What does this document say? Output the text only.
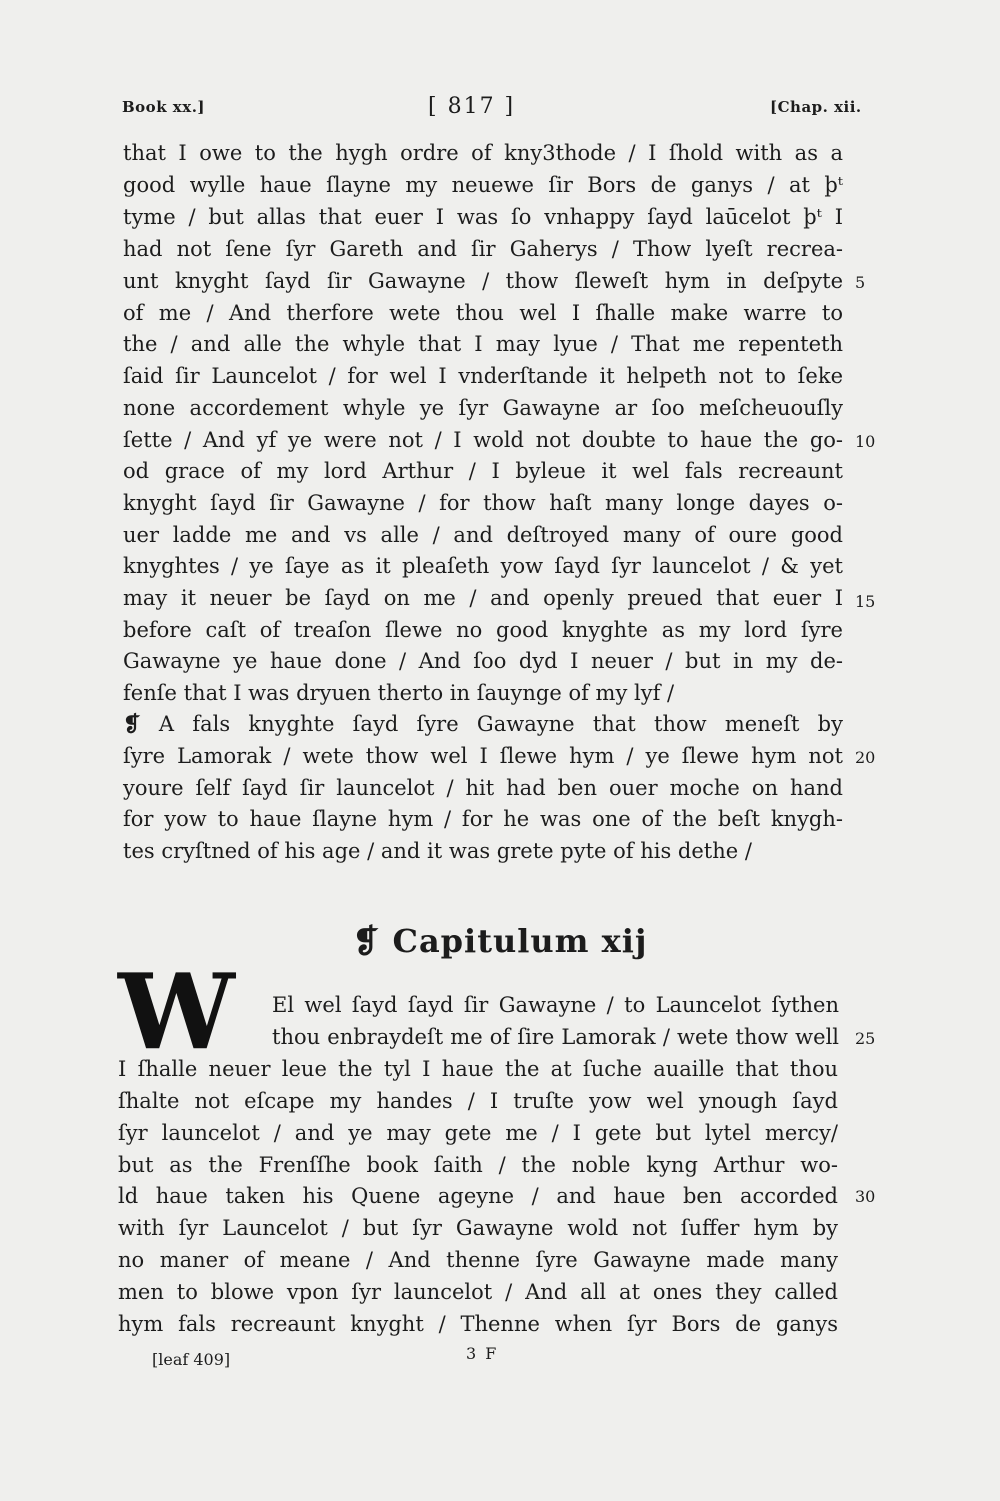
Book xx.]	[ 817 ]	[Chap. xii.
that I owe to the hygh ordre of kny3thode / I ſhold with as a
good wylle haue ſlayne my neuewe ſir Bors de ganys / at þᵗ
tyme / but allas that euer I was ſo vnhappy ſayd laūcelot þᵗ I
had not ſene ſyr Gareth and ſir Gaherys / Thow lyeſt recrea-
unt knyght ſayd ſir Gawayne / thow ſleweſt hym in deſpyte
of me / And therfore wete thou wel I ſhalle make warre to
the / and alle the whyle that I may lyue / That me repenteth
ſaid ſir Launcelot / for wel I vnderſtande it helpeth not to ſeke
none accordement whyle ye ſyr Gawayne ar ſoo meſcheuouſly
ſette / And yf ye were not / I wold not doubte to haue the go-
od grace of my lord Arthur / I byleue it wel fals recreaunt
knyght ſayd ſir Gawayne / for thow haſt many longe dayes o-
uer ladde me and vs alle / and deſtroyed many of oure good
knyghtes / ye ſaye as it pleaſeth yow ſayd ſyr launcelot / & yet
may it neuer be ſayd on me / and openly preued that euer I
before caſt of treaſon ſlewe no good knyghte as my lord ſyre
Gawayne ye haue done / And ſoo dyd I neuer / but in my de-
fenſe that I was dryuen therto in ſauynge of my lyf /
❡ A fals knyghte ſayd ſyre Gawayne that thow meneſt by
ſyre Lamorak / wete thow wel I ſlewe hym / ye ſlewe hym not
youre ſelf ſayd ſir launcelot / hit had ben ouer moche on hand
for yow to haue ſlayne hym / for he was one of the beſt knygh-
tes cryſtned of his age / and it was grete pyte of his dethe /
5
10
15
20
25
30
❡ Capitulum xij
W	El wel ſayd ſayd ſir Gawayne / to Launcelot ſythen
thou enbraydeſt me of ſire Lamorak / wete thow well
I ſhalle neuer leue the tyl I haue the at ſuche auaille that thou
ſhalte not eſcape my handes / I truſte yow wel ynough ſayd
ſyr launcelot / and ye may gete me / I gete but lytel mercy/
but as the Frenſſhe book ſaith / the noble kyng Arthur wo-
ld haue taken his Quene ageyne / and haue ben accorded
with ſyr Launcelot / but ſyr Gawayne wold not ſuffer hym by
no maner of meane / And thenne ſyre Gawayne made many
men to blowe vpon ſyr launcelot / And all at ones they called
hym fals recreaunt knyght / Thenne when ſyr Bors de ganys
[leaf 409]	3 F
